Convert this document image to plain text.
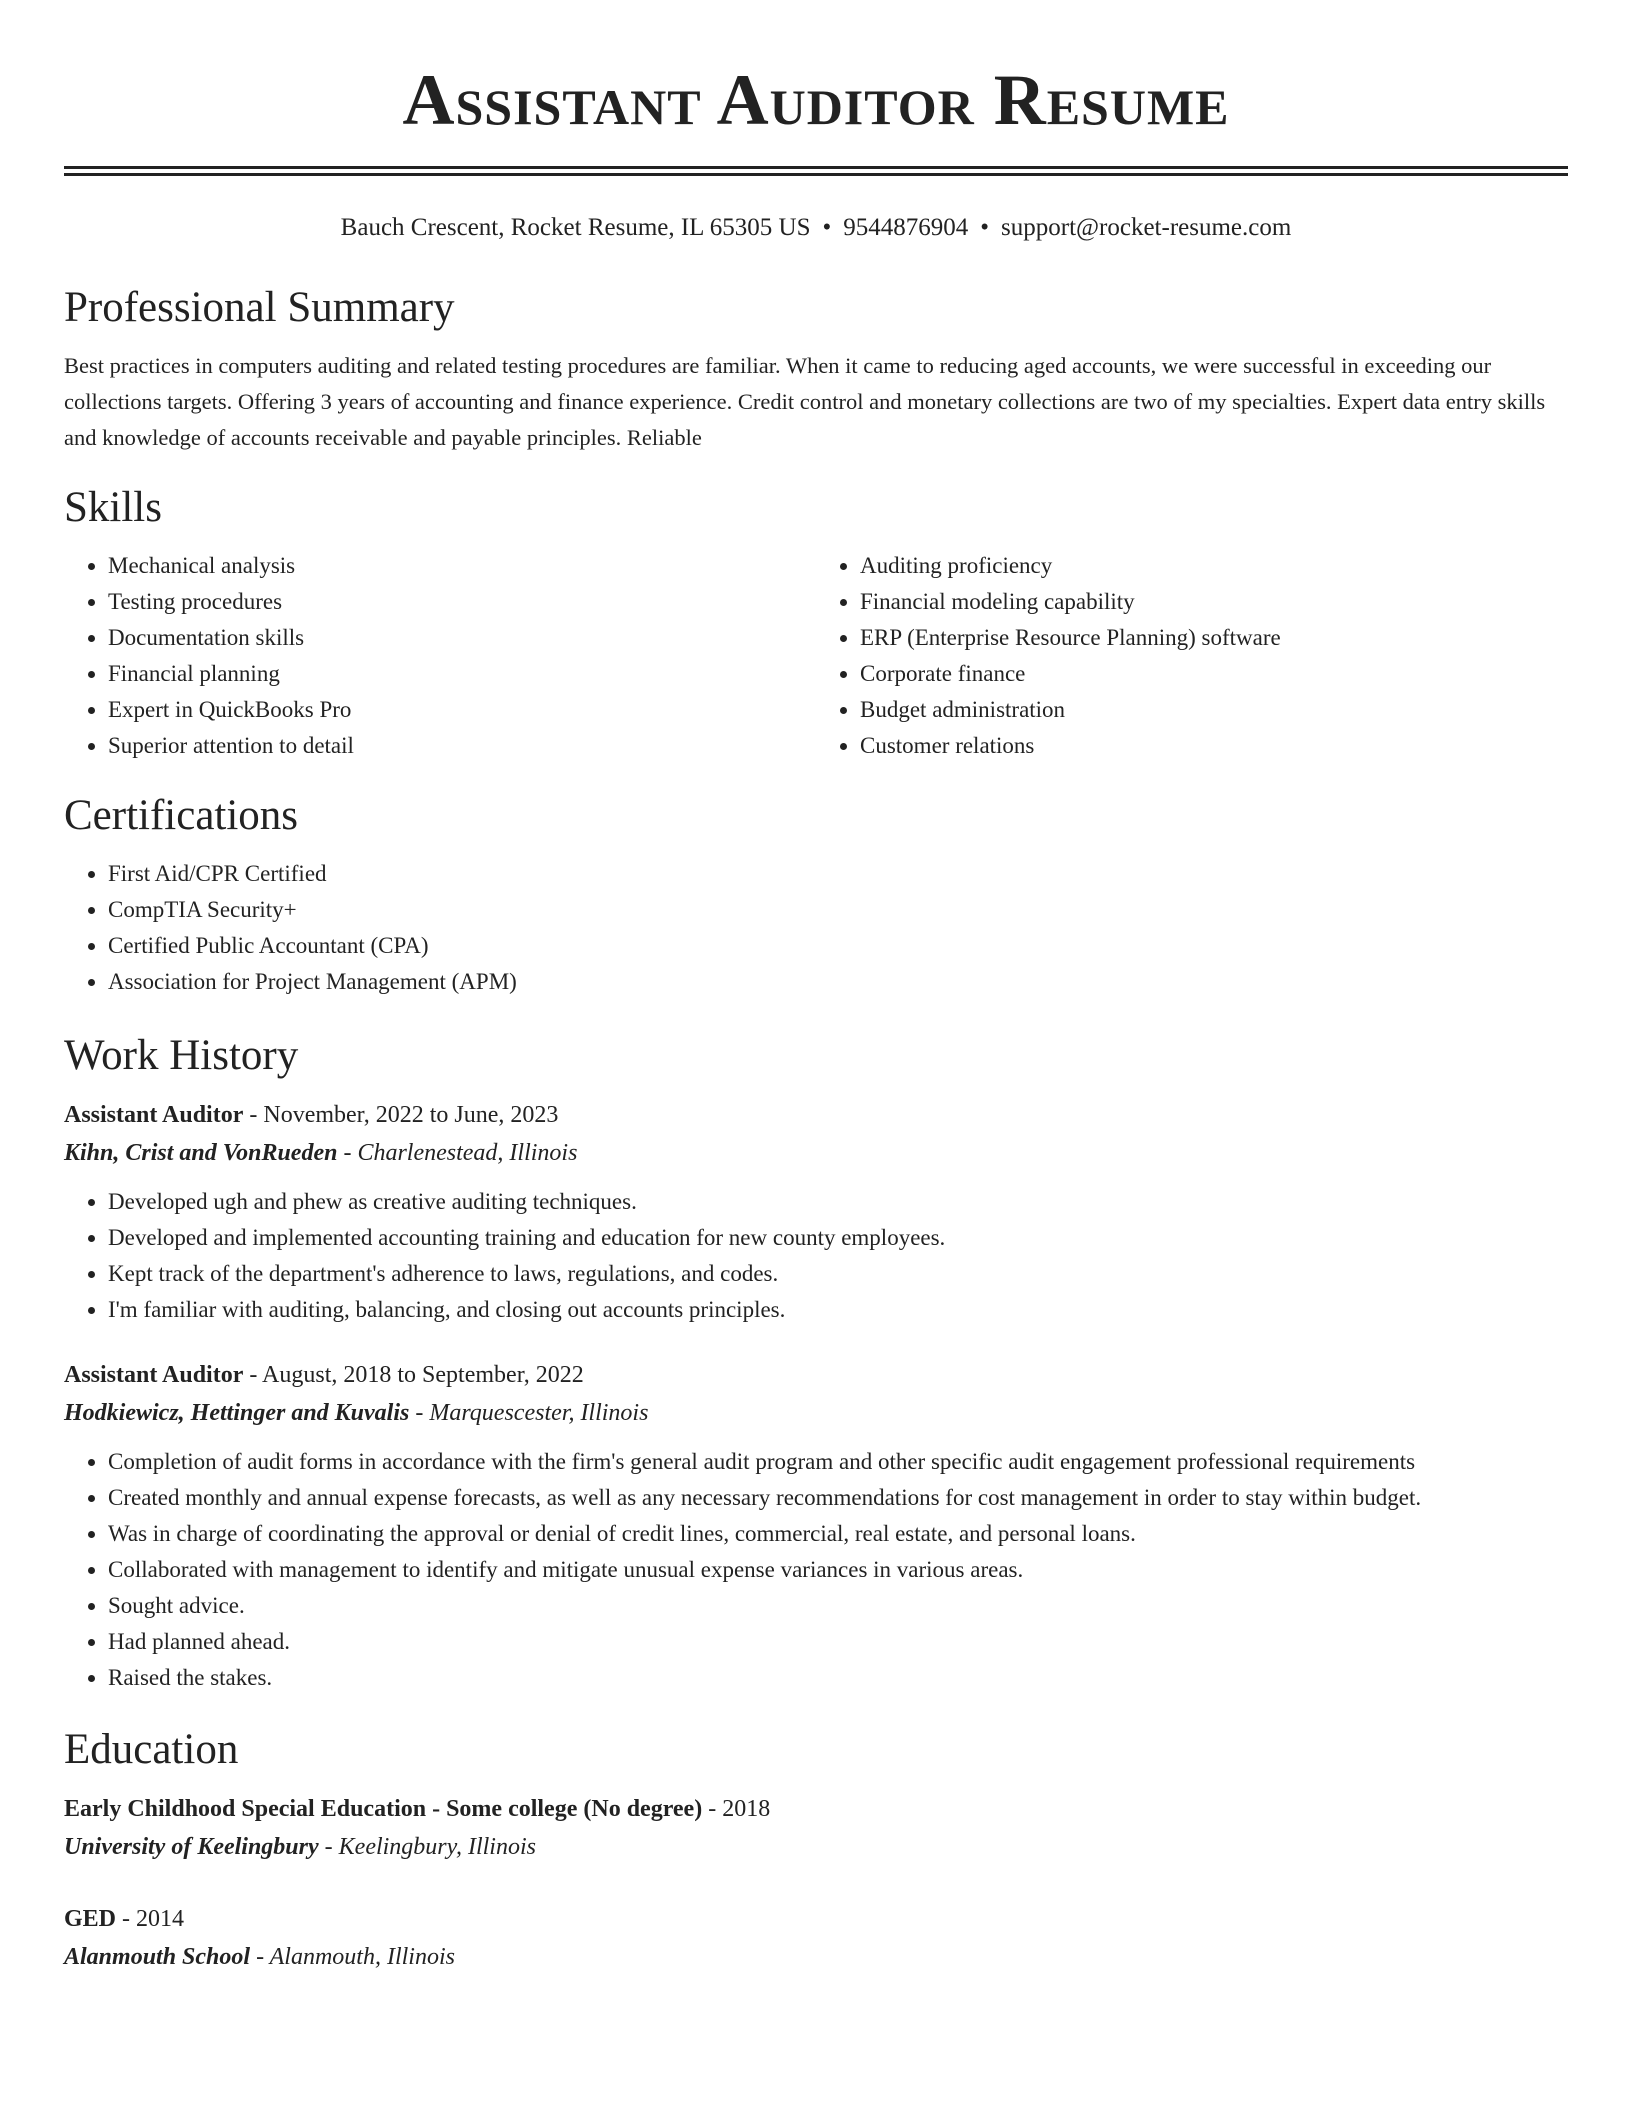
Assistant Auditor Resume
Bauch Crescent, Rocket Resume, IL 65305 US • 9544876904 • support@rocket-resume.com
Professional Summary

Best practices in computers auditing and related testing procedures are familiar. When it came to reducing aged accounts, we were successful in exceeding our collections targets. Offering 3 years of accounting and finance experience. Credit control and monetary collections are two of my specialties. Expert data entry skills and knowledge of accounts receivable and payable principles. Reliable

Skills
• Mechanical analysis
• Testing procedures
• Documentation skills
• Financial planning
• Expert in QuickBooks Pro
• Superior attention to detail
• Auditing proficiency
• Financial modeling capability
• ERP (Enterprise Resource Planning) software
• Corporate finance
• Budget administration
• Customer relations
Certifications
• First Aid/CPR Certified
• CompTIA Security+
• Certified Public Accountant (CPA)
• Association for Project Management (APM)
Work History
Assistant Auditor - November, 2022 to June, 2023
Kihn, Crist and VonRueden - Charlenestead, Illinois
• Developed ugh and phew as creative auditing techniques.
• Developed and implemented accounting training and education for new county employees.
• Kept track of the department's adherence to laws, regulations, and codes.
• I'm familiar with auditing, balancing, and closing out accounts principles.
Assistant Auditor - August, 2018 to September, 2022
Hodkiewicz, Hettinger and Kuvalis - Marquescester, Illinois
• Completion of audit forms in accordance with the firm's general audit program and other specific audit engagement professional requirements
• Created monthly and annual expense forecasts, as well as any necessary recommendations for cost management in order to stay within budget.
• Was in charge of coordinating the approval or denial of credit lines, commercial, real estate, and personal loans.
• Collaborated with management to identify and mitigate unusual expense variances in various areas.
• Sought advice.
• Had planned ahead.
• Raised the stakes.
Education
Early Childhood Special Education - Some college (No degree) - 2018
University of Keelingbury - Keelingbury, Illinois
GED - 2014
Alanmouth School - Alanmouth, Illinois
